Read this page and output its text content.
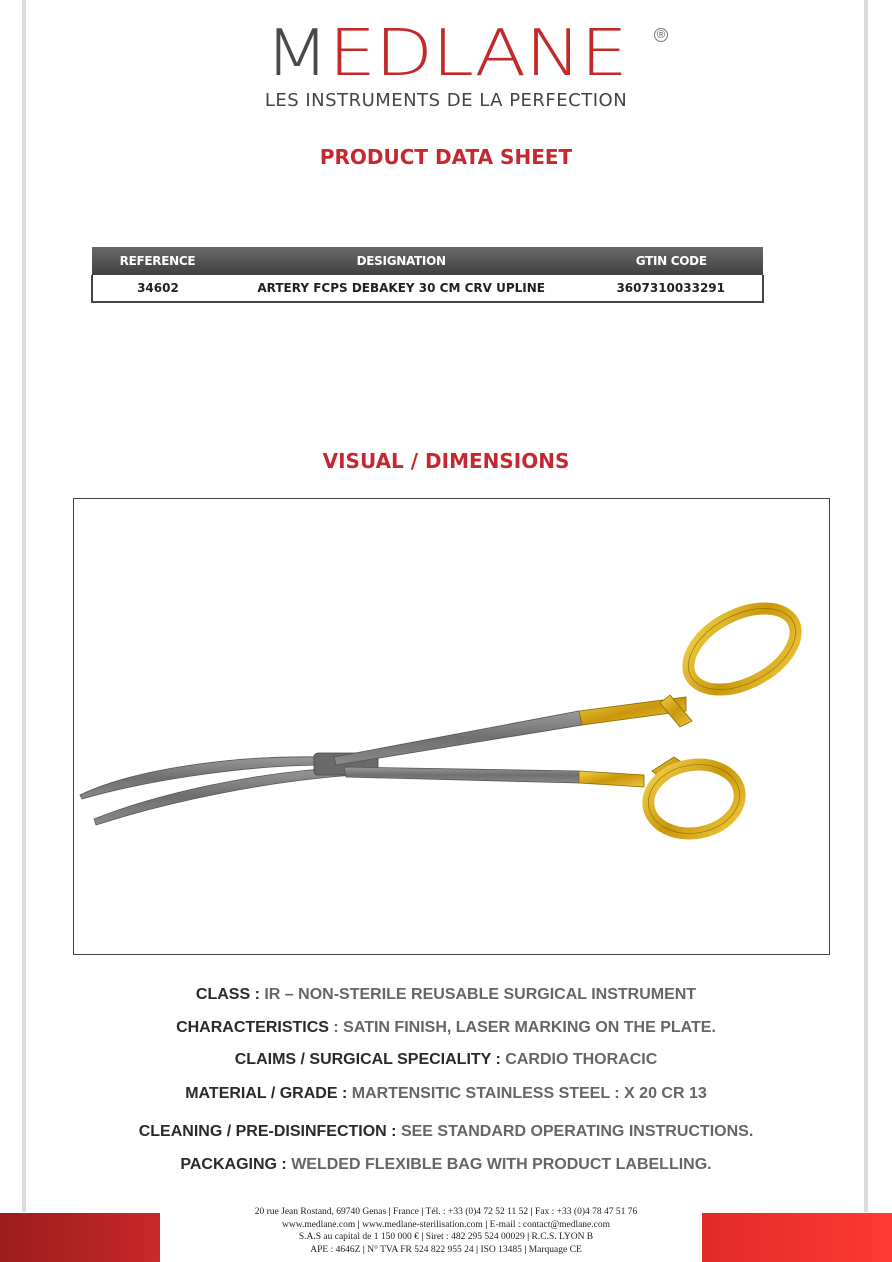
MEDLANE	®
LES INSTRUMENTS DE LA PERFECTION
PRODUCT DATA SHEET
REFERENCE	DESIGNATION	GTIN CODE
34602	ARTERY FCPS DEBAKEY 30 CM CRV UPLINE	3607310033291
VISUAL / DIMENSIONS
CLASS : IR – NON-STERILE REUSABLE SURGICAL INSTRUMENT
CHARACTERISTICS : SATIN FINISH, LASER MARKING ON THE PLATE.
CLAIMS / SURGICAL SPECIALITY : CARDIO THORACIC
MATERIAL / GRADE : MARTENSITIC STAINLESS STEEL : X 20 CR 13
CLEANING / PRE-DISINFECTION : SEE STANDARD OPERATING INSTRUCTIONS.
PACKAGING : WELDED FLEXIBLE BAG WITH PRODUCT LABELLING.
20 rue Jean Rostand, 69740 Genas | France | Tél. : +33 (0)4 72 52 11 52 | Fax : +33 (0)4 78 47 51 76
www.medlane.com | www.medlane-sterilisation.com | E-mail : contact@medlane.com
S.A.S au capital de 1 150 000 € | Siret : 482 295 524 00029 | R.C.S. LYON B
APE : 4646Z | N° TVA FR 524 822 955 24 | ISO 13485 | Marquage CE
